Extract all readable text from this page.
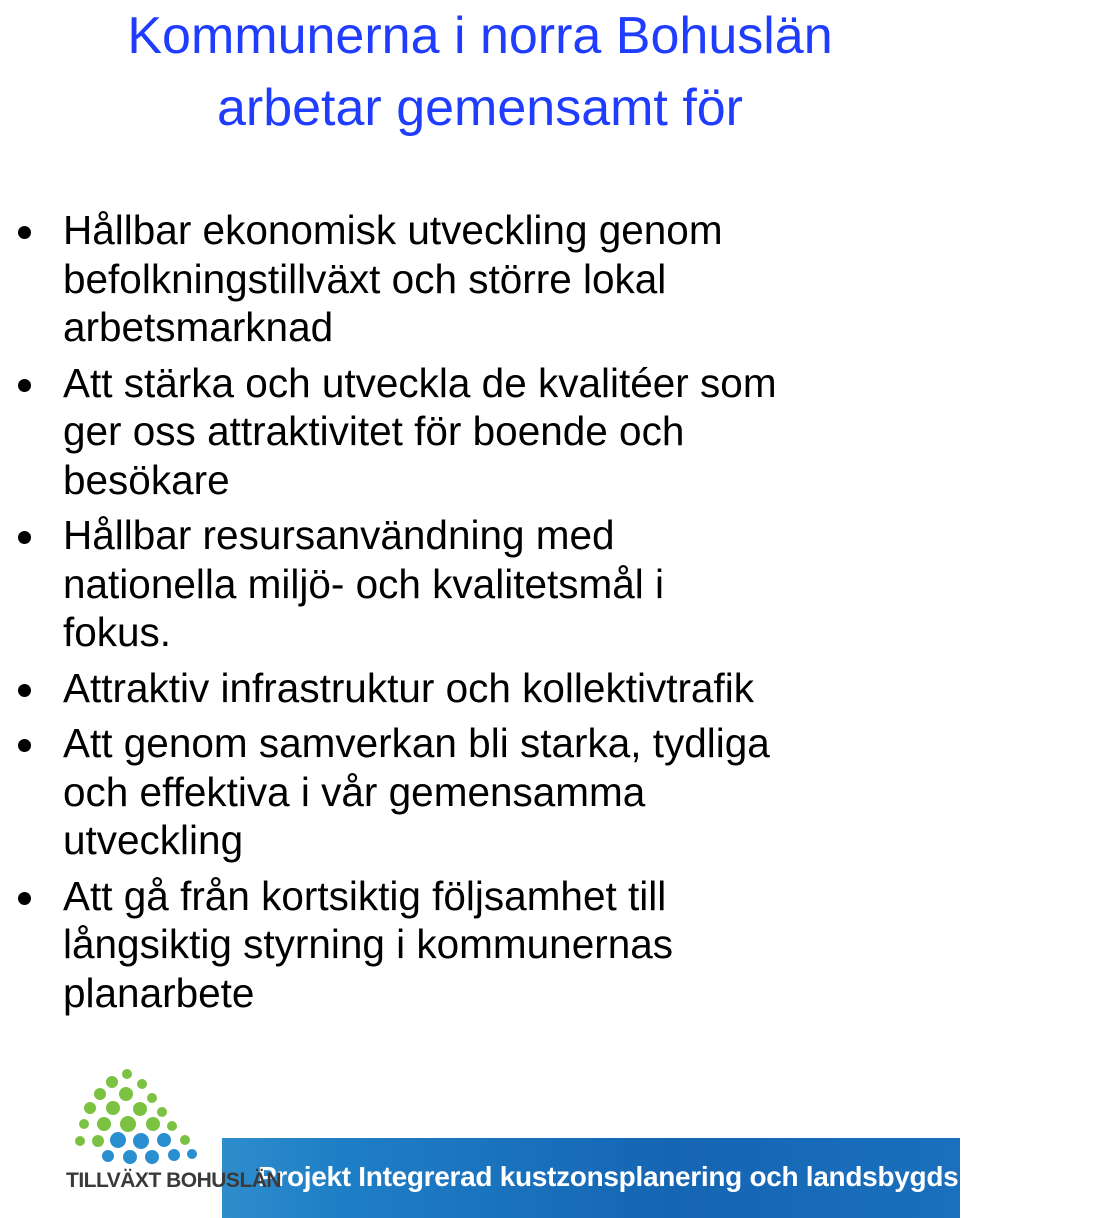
Kommunerna i norra Bohuslän
arbetar gemensamt för
Hållbar ekonomisk utveckling genom
befolkningstillväxt och större lokal
arbetsmarknad
Att stärka och utveckla de kvalitéer som
ger oss attraktivitet för boende och
besökare
Hållbar resursanvändning med
nationella miljö- och kvalitetsmål i
fokus.
Attraktiv infrastruktur och kollektivtrafik
Att genom samverkan bli starka, tydliga
och effektiva i vår gemensamma
utveckling
Att gå från kortsiktig följsamhet till
långsiktig styrning i kommunernas
planarbete
Projekt Integrerad kustzonsplanering och landsbygdsutveckling
TILLVÄXT BOHUSLÄN
